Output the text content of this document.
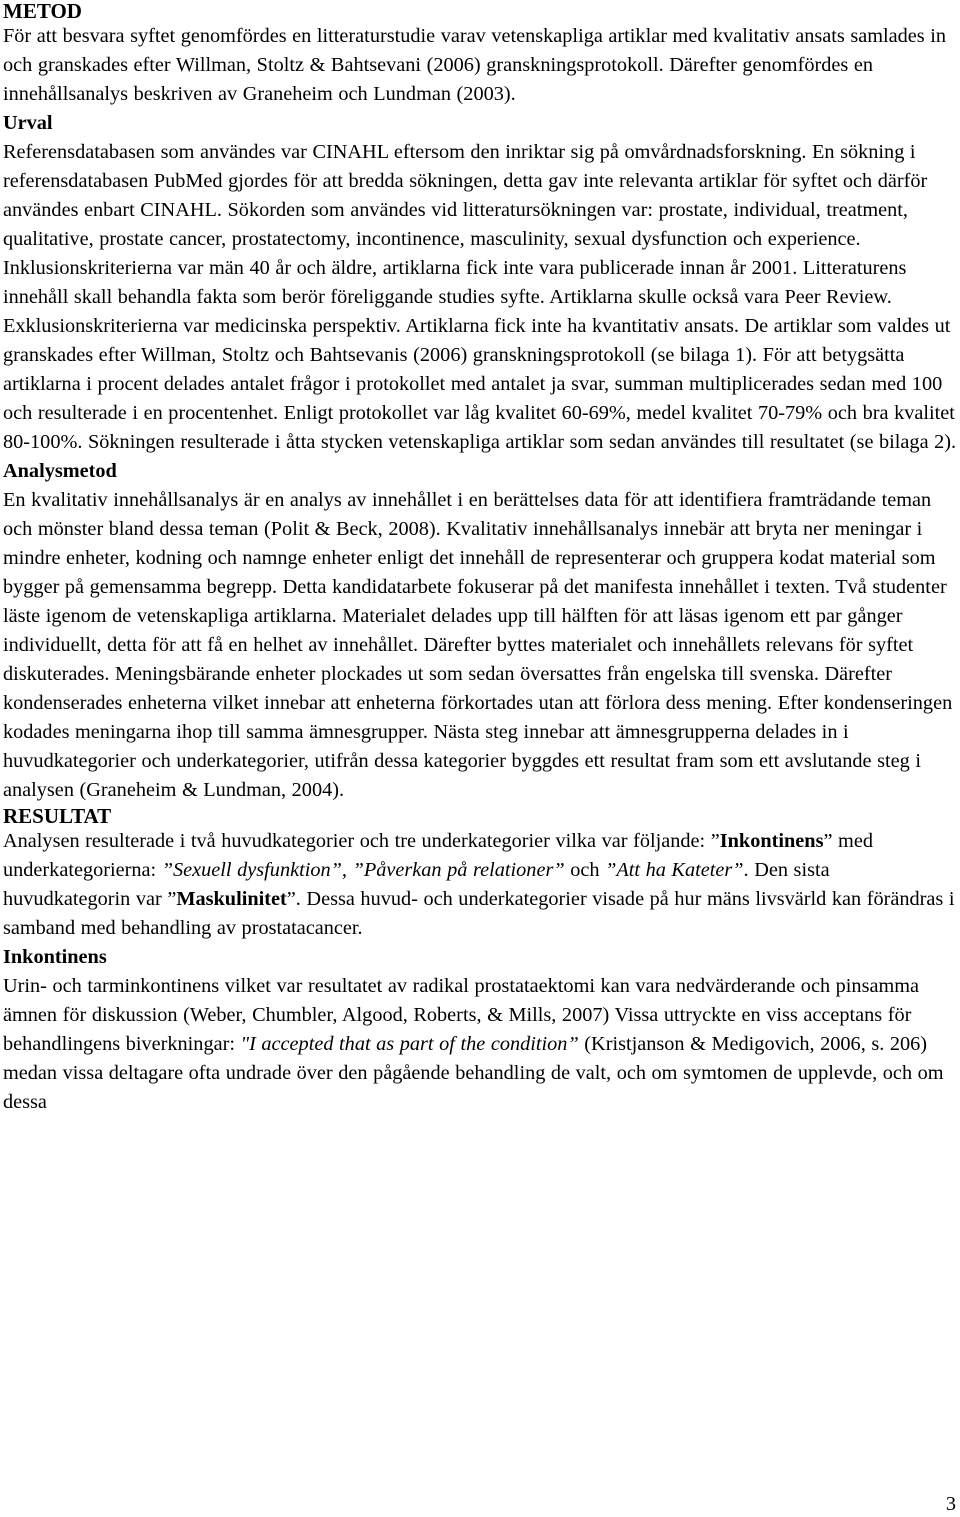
METOD

För att besvara syftet genomfördes en litteraturstudie varav vetenskapliga artiklar med kvalitativ ansats samlades in och granskades efter Willman, Stoltz & Bahtsevani (2006) granskningsprotokoll. Därefter genomfördes en innehållsanalys beskriven av Graneheim och Lundman (2003).

Urval

Referensdatabasen som användes var CINAHL eftersom den inriktar sig på omvårdnadsforskning. En sökning i referensdatabasen PubMed gjordes för att bredda sökningen, detta gav inte relevanta artiklar för syftet och därför användes enbart CINAHL. Sökorden som användes vid litteratursökningen var: prostate, individual, treatment, qualitative, prostate cancer, prostatectomy, incontinence, masculinity, sexual dysfunction och experience. Inklusionskriterierna var män 40 år och äldre, artiklarna fick inte vara publicerade innan år 2001. Litteraturens innehåll skall behandla fakta som berör föreliggande studies syfte. Artiklarna skulle också vara Peer Review. Exklusionskriterierna var medicinska perspektiv. Artiklarna fick inte ha kvantitativ ansats. De artiklar som valdes ut granskades efter Willman, Stoltz och Bahtsevanis (2006) granskningsprotokoll (se bilaga 1). För att betygsätta artiklarna i procent delades antalet frågor i protokollet med antalet ja svar, summan multiplicerades sedan med 100 och resulterade i en procentenhet. Enligt protokollet var låg kvalitet 60-69%, medel kvalitet 70-79% och bra kvalitet 80-100%. Sökningen resulterade i åtta stycken vetenskapliga artiklar som sedan användes till resultatet (se bilaga 2).

Analysmetod

En kvalitativ innehållsanalys är en analys av innehållet i en berättelses data för att identifiera framträdande teman och mönster bland dessa teman (Polit & Beck, 2008). Kvalitativ innehållsanalys innebär att bryta ner meningar i mindre enheter, kodning och namnge enheter enligt det innehåll de representerar och gruppera kodat material som bygger på gemensamma begrepp. Detta kandidatarbete fokuserar på det manifesta innehållet i texten. Två studenter läste igenom de vetenskapliga artiklarna. Materialet delades upp till hälften för att läsas igenom ett par gånger individuellt, detta för att få en helhet av innehållet. Därefter byttes materialet och innehållets relevans för syftet diskuterades. Meningsbärande enheter plockades ut som sedan översattes från engelska till svenska. Därefter kondenserades enheterna vilket innebar att enheterna förkortades utan att förlora dess mening. Efter kondenseringen kodades meningarna ihop till samma ämnesgrupper. Nästa steg innebar att ämnesgrupperna delades in i huvudkategorier och underkategorier, utifrån dessa kategorier byggdes ett resultat fram som ett avslutande steg i analysen (Graneheim & Lundman, 2004).

RESULTAT

Analysen resulterade i två huvudkategorier och tre underkategorier vilka var följande: ”Inkontinens” med underkategorierna: ”Sexuell dysfunktion”, ”Påverkan på relationer” och ”Att ha Kateter”. Den sista huvudkategorin var ”Maskulinitet”. Dessa huvud- och underkategorier visade på hur mäns livsvärld kan förändras i samband med behandling av prostatacancer.

Inkontinens

Urin- och tarminkontinens vilket var resultatet av radikal prostataektomi kan vara nedvärderande och pinsamma ämnen för diskussion (Weber, Chumbler, Algood, Roberts, & Mills, 2007) Vissa uttryckte en viss acceptans för behandlingens biverkningar: "I accepted that as part of the condition” (Kristjanson & Medigovich, 2006, s. 206) medan vissa deltagare ofta undrade över den pågående behandling de valt, och om symtomen de upplevde, och om dessa

3
